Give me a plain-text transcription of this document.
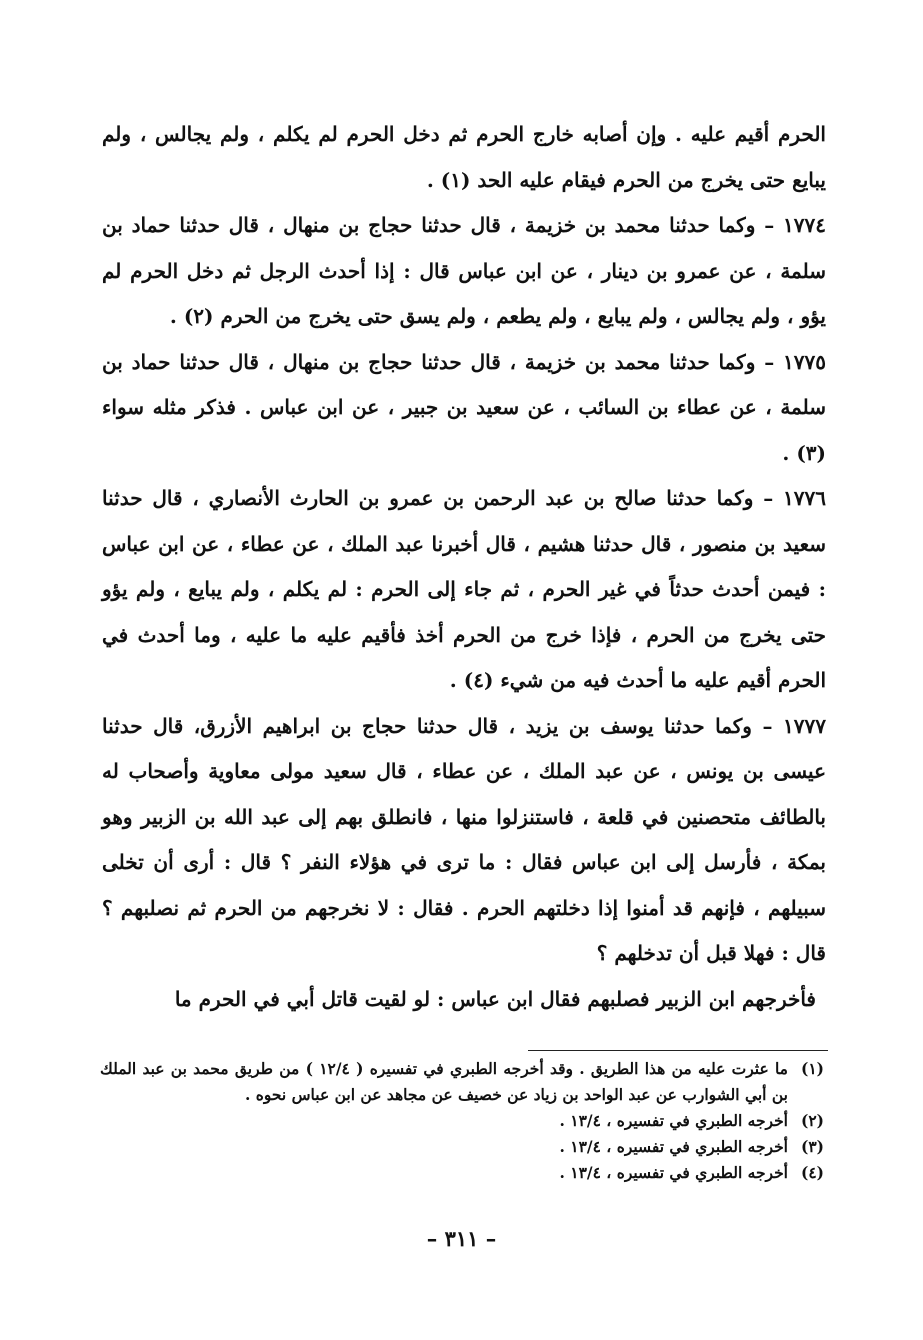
الحرم أقيم عليه . وإن أصابه خارج الحرم ثم دخل الحرم لم يكلم ، ولم يجالس ، ولم يبايع حتى يخرج من الحرم فيقام عليه الحد (١) .

١٧٧٤ – وكما حدثنا محمد بن خزيمة ، قال حدثنا حجاج بن منهال ، قال حدثنا حماد بن سلمة ، عن عمرو بن دينار ، عن ابن عباس قال : إذا أحدث الرجل ثم دخل الحرم لم يؤو ، ولم يجالس ، ولم يبايع ، ولم يطعم ، ولم يسق حتى يخرج من الحرم (٢) .

١٧٧٥ – وكما حدثنا محمد بن خزيمة ، قال حدثنا حجاج بن منهال ، قال حدثنا حماد بن سلمة ، عن عطاء بن السائب ، عن سعيد بن جبير ، عن ابن عباس . فذكر مثله سواء (٣) .

١٧٧٦ – وكما حدثنا صالح بن عبد الرحمن بن عمرو بن الحارث الأنصاري ، قال حدثنا سعيد بن منصور ، قال حدثنا هشيم ، قال أخبرنا عبد الملك ، عن عطاء ، عن ابن عباس : فيمن أحدث حدثاً في غير الحرم ، ثم جاء إلى الحرم : لم يكلم ، ولم يبايع ، ولم يؤو حتى يخرج من الحرم ، فإذا خرج من الحرم أخذ فأقيم عليه ما عليه ، وما أحدث في الحرم أقيم عليه ما أحدث فيه من شيء (٤) .

١٧٧٧ – وكما حدثنا يوسف بن يزيد ، قال حدثنا حجاج بن ابراهيم الأزرق، قال حدثنا عيسى بن يونس ، عن عبد الملك ، عن عطاء ، قال سعيد مولى معاوية وأصحاب له بالطائف متحصنين في قلعة ، فاستنزلوا منها ، فانطلق بهم إلى عبد الله بن الزبير وهو بمكة ، فأرسل إلى ابن عباس فقال : ما ترى في هؤلاء النفر ؟ قال : أرى أن تخلى سبيلهم ، فإنهم قد أمنوا إذا دخلتهم الحرم . فقال : لا نخرجهم من الحرم ثم نصلبهم ؟ قال : فهلا قبل أن تدخلهم ؟

فأخرجهم ابن الزبير فصلبهم فقال ابن عباس : لو لقيت قاتل أبي في الحرم ما

(١)
ما عثرت عليه من هذا الطريق . وقد أخرجه الطبري في تفسيره ( ١٢/٤ ) من طريق محمد بن عبد الملك بن أبي الشوارب عن عبد الواحد بن زياد عن خصيف عن مجاهد عن ابن عباس نحوه .
(٢)
أخرجه الطبري في تفسيره ، ١٣/٤ .
(٣)
أخرجه الطبري في تفسيره ، ١٣/٤ .
(٤)
أخرجه الطبري في تفسيره ، ١٣/٤ .
– ٣١١ –
